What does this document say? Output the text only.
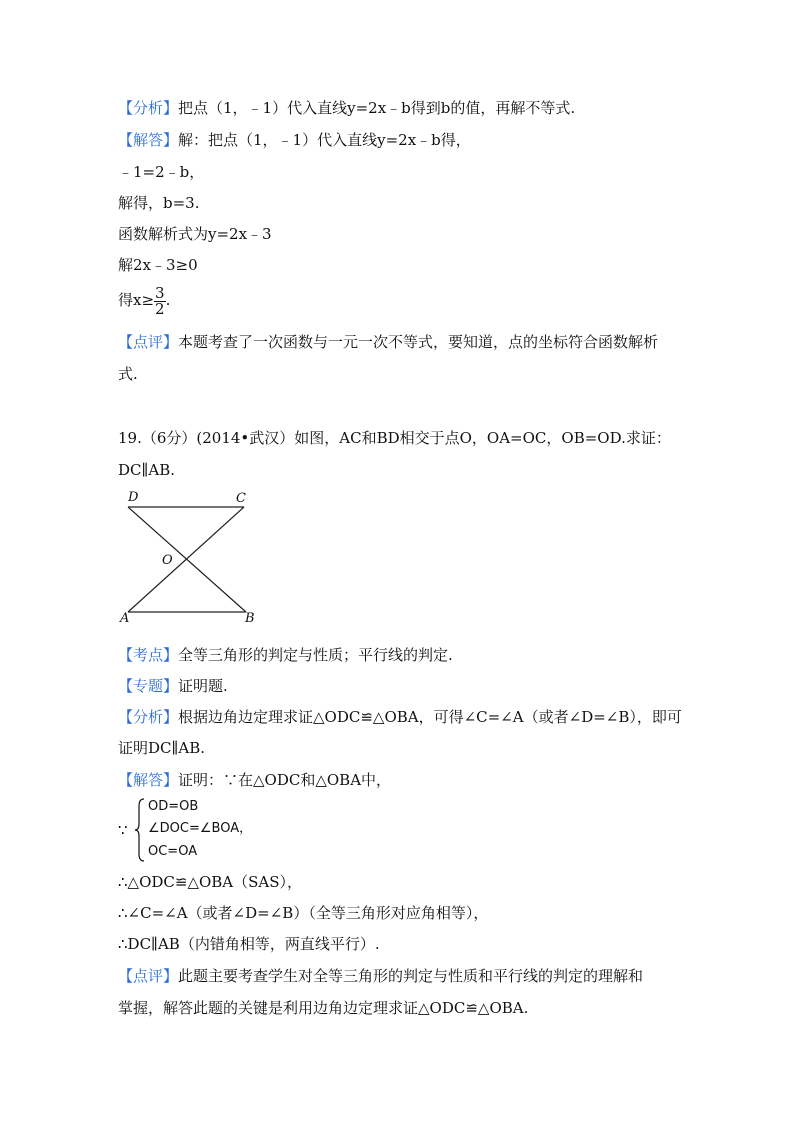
【分析】把点（1，﹣1）代入直线y=2x﹣b得到b的值，再解不等式.
【解答】解：把点（1，﹣1）代入直线y=2x﹣b得，
﹣1=2﹣b，
解得，b=3.
函数解析式为y=2x﹣3
解2x﹣3≥0
得$x\ge \frac{3}{2}$ .
【点评】本题考查了一次函数与一元一次不等式，要知道，点的坐标符合函数解析
式.
19.（6分）(2014•武汉）如图，AC和BD相交于点O，OA=OC，OB=OD.求证：
DC∥AB.
D	C
O
A	B
【考点】全等三角形的判定与性质；平行线的判定.
【专题】证明题.
【分析】根据边角边定理求证△ODC≌△OBA，可得∠C=∠A（或者∠D=∠B），即可
证明DC∥AB.
【解答】证明：∵在△ODC和△OBA中，
∵
OD=OB
∠DOC=∠BOA，
OC=OA
∴△ODC≌△OBA（SAS），
∴∠C=∠A（或者∠D=∠B）（全等三角形对应角相等），
∴DC∥AB（内错角相等，两直线平行）.
【点评】此题主要考查学生对全等三角形的判定与性质和平行线的判定的理解和
掌握，解答此题的关键是利用边角边定理求证△ODC≌△OBA.
